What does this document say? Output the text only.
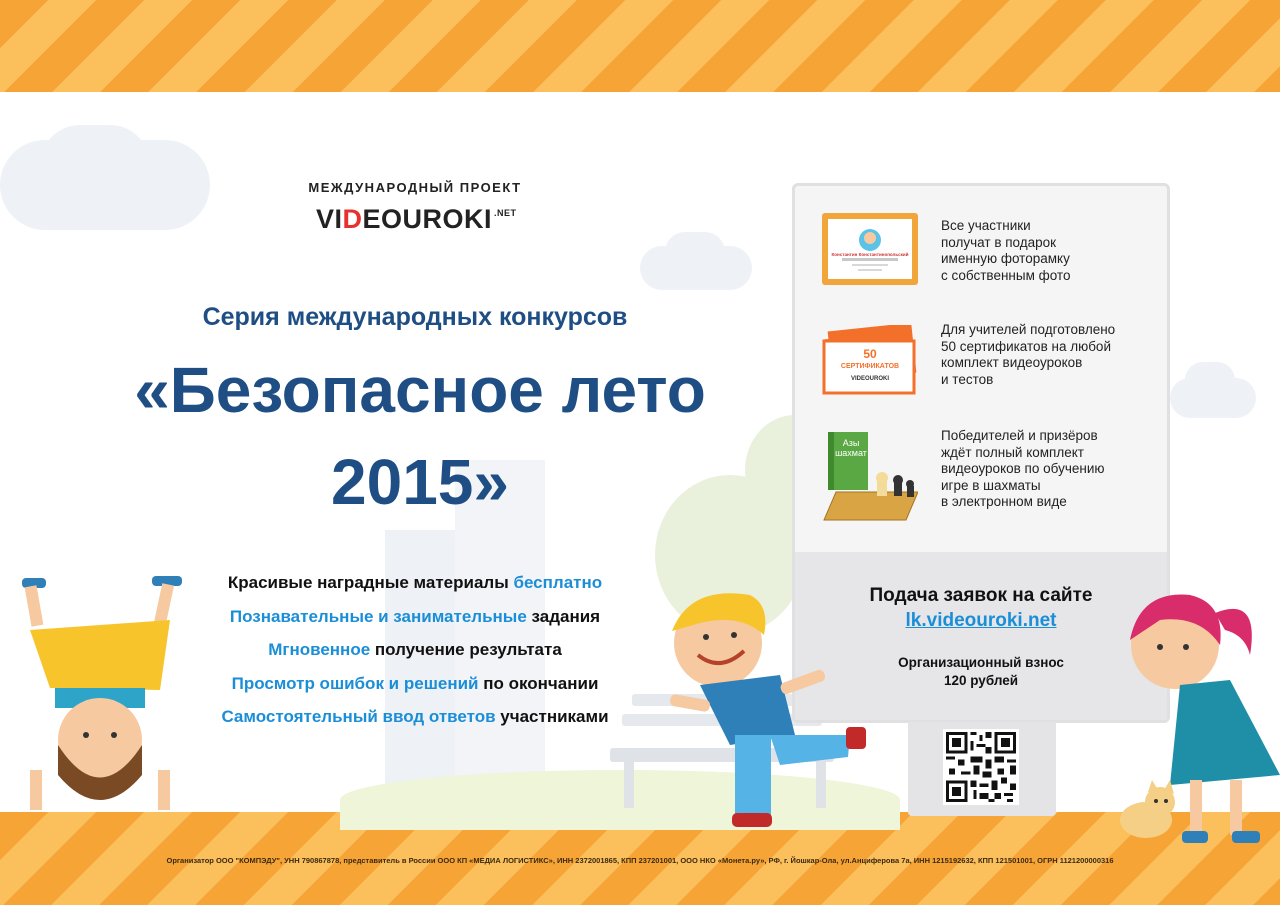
МЕЖДУНАРОДНЫЙ ПРОЕКТ
VIDEOUROKI $^{.NET}$
Серия международных конкурсов
«Безопасное лето
2015»
Красивые наградные материалы бесплатно
Познавательные и занимательные задания
Мгновенное получение результата
Просмотр ошибок и решений по окончании
Самостоятельный ввод ответов участниками
Константин Константинопольский
Все участники
получат в подарок
именную фоторамку
с собственным фото
50
СЕРТИФИКАТОВ
VIDEOUROKI
Для учителей подготовлено
50 сертификатов на любой
комплект видеоуроков
и тестов
Азы шахмат
Победителей и призёров
ждёт полный комплект
видеоуроков по обучению
игре в шахматы
в электронном виде
Подача заявок на сайте
lk.videouroki.net
Организационный взнос
120 рублей
Организатор ООО "КОМПЭДУ", УНН 790867878, представитель в России ООО КП «МЕДИА ЛОГИСТИКС», ИНН 2372001865, КПП 237201001, ООО НКО «Монета.ру», РФ, г. Йошкар-Ола, ул.Анциферова 7а, ИНН 1215192632, КПП 121501001, ОГРН 1121200000316
